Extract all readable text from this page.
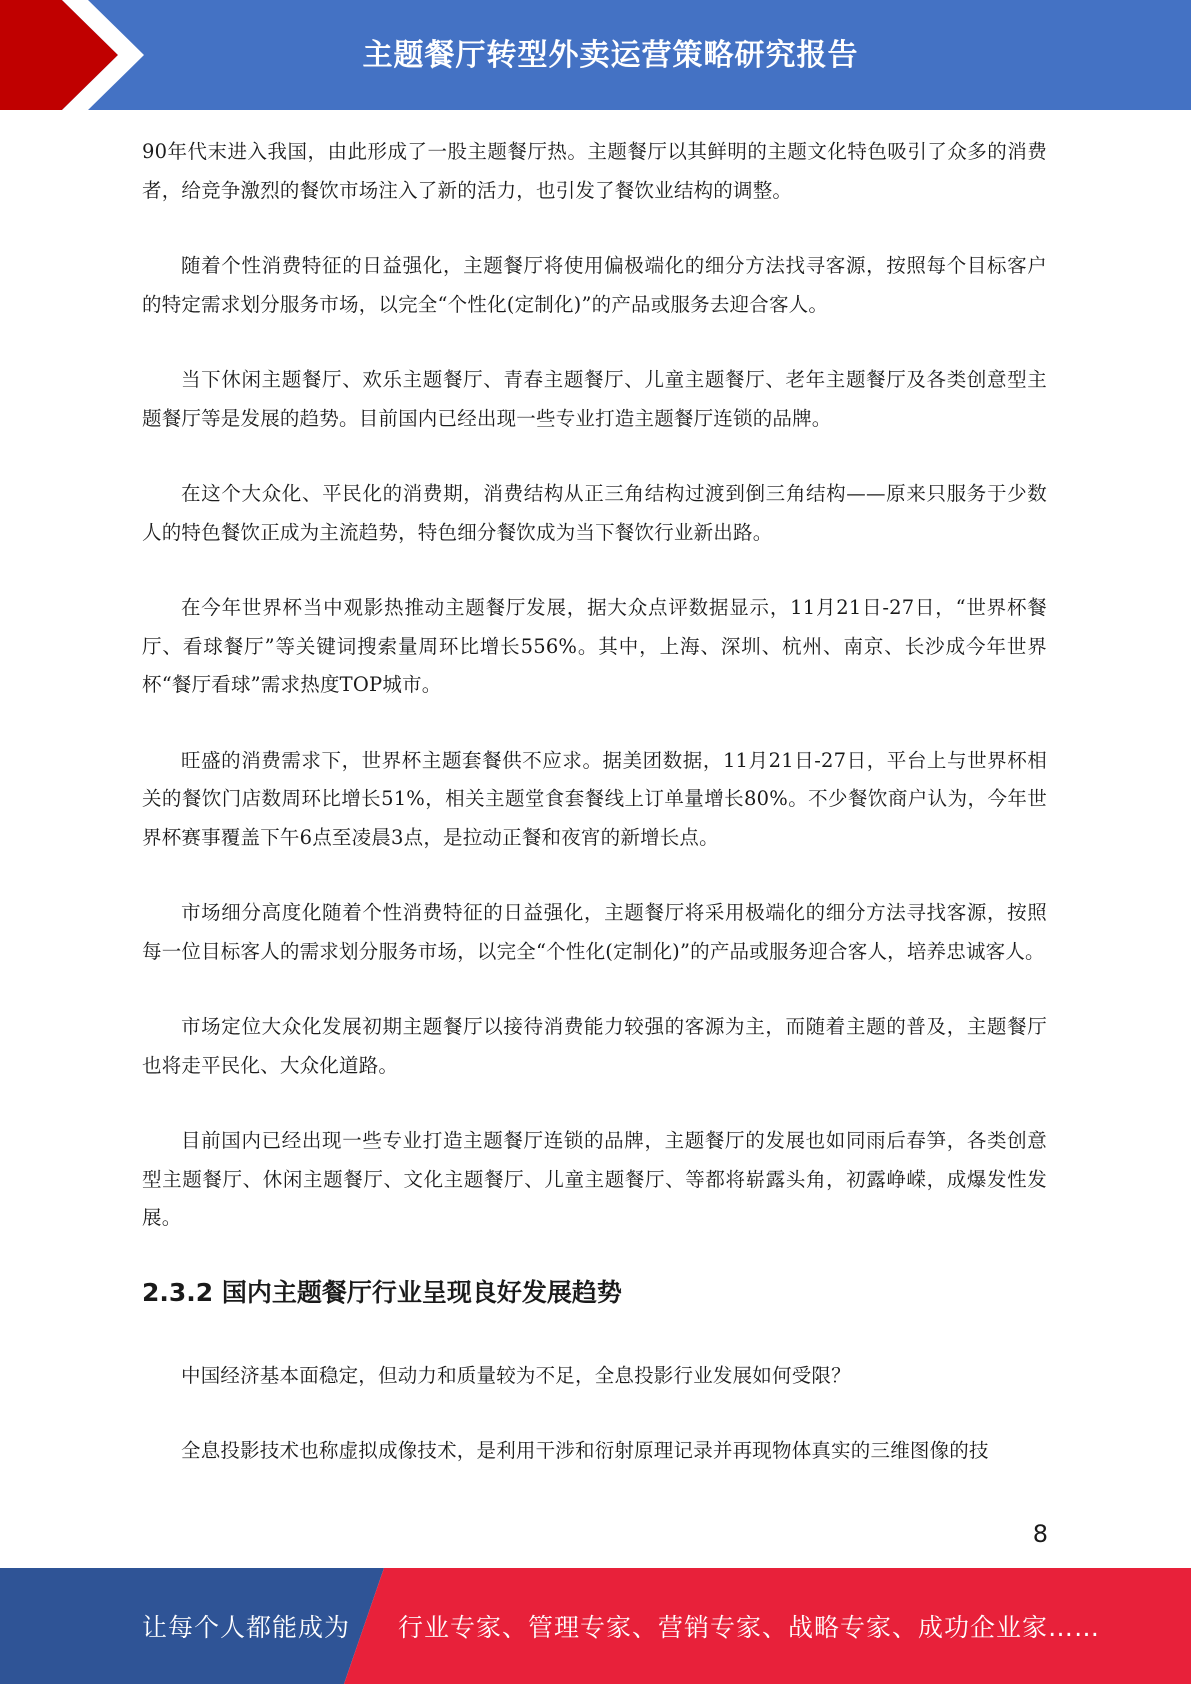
主题餐厅转型外卖运营策略研究报告

90年代末进入我国，由此形成了一股主题餐厅热。主题餐厅以其鲜明的主题文化特色吸引了众多的消费者，给竞争激烈的餐饮市场注入了新的活力，也引发了餐饮业结构的调整。

随着个性消费特征的日益强化，主题餐厅将使用偏极端化的细分方法找寻客源，按照每个目标客户的特定需求划分服务市场，以完全“个性化(定制化)”的产品或服务去迎合客人。

当下休闲主题餐厅、欢乐主题餐厅、青春主题餐厅、儿童主题餐厅、老年主题餐厅及各类创意型主题餐厅等是发展的趋势。目前国内已经出现一些专业打造主题餐厅连锁的品牌。

在这个大众化、平民化的消费期，消费结构从正三角结构过渡到倒三角结构——原来只服务于少数人的特色餐饮正成为主流趋势，特色细分餐饮成为当下餐饮行业新出路。

在今年世界杯当中观影热推动主题餐厅发展，据大众点评数据显示，11月21日-27日，“世界杯餐厅、看球餐厅”等关键词搜索量周环比增长556%。其中，上海、深圳、杭州、南京、长沙成今年世界杯“餐厅看球”需求热度TOP城市。

旺盛的消费需求下，世界杯主题套餐供不应求。据美团数据，11月21日-27日，平台上与世界杯相关的餐饮门店数周环比增长51%，相关主题堂食套餐线上订单量增长80%。不少餐饮商户认为，今年世界杯赛事覆盖下午6点至凌晨3点，是拉动正餐和夜宵的新增长点。

市场细分高度化随着个性消费特征的日益强化，主题餐厅将采用极端化的细分方法寻找客源，按照每一位目标客人的需求划分服务市场，以完全“个性化(定制化)”的产品或服务迎合客人，培养忠诚客人。

市场定位大众化发展初期主题餐厅以接待消费能力较强的客源为主，而随着主题的普及，主题餐厅也将走平民化、大众化道路。

目前国内已经出现一些专业打造主题餐厅连锁的品牌，主题餐厅的发展也如同雨后春笋，各类创意型主题餐厅、休闲主题餐厅、文化主题餐厅、儿童主题餐厅、等都将崭露头角，初露峥嵘，成爆发性发展。

2.3.2 国内主题餐厅行业呈现良好发展趋势

中国经济基本面稳定，但动力和质量较为不足，全息投影行业发展如何受限？

全息投影技术也称虚拟成像技术，是利用干涉和衍射原理记录并再现物体真实的三维图像的技

8
让每个人都能成为 行业专家、管理专家、营销专家、战略专家、成功企业家……
